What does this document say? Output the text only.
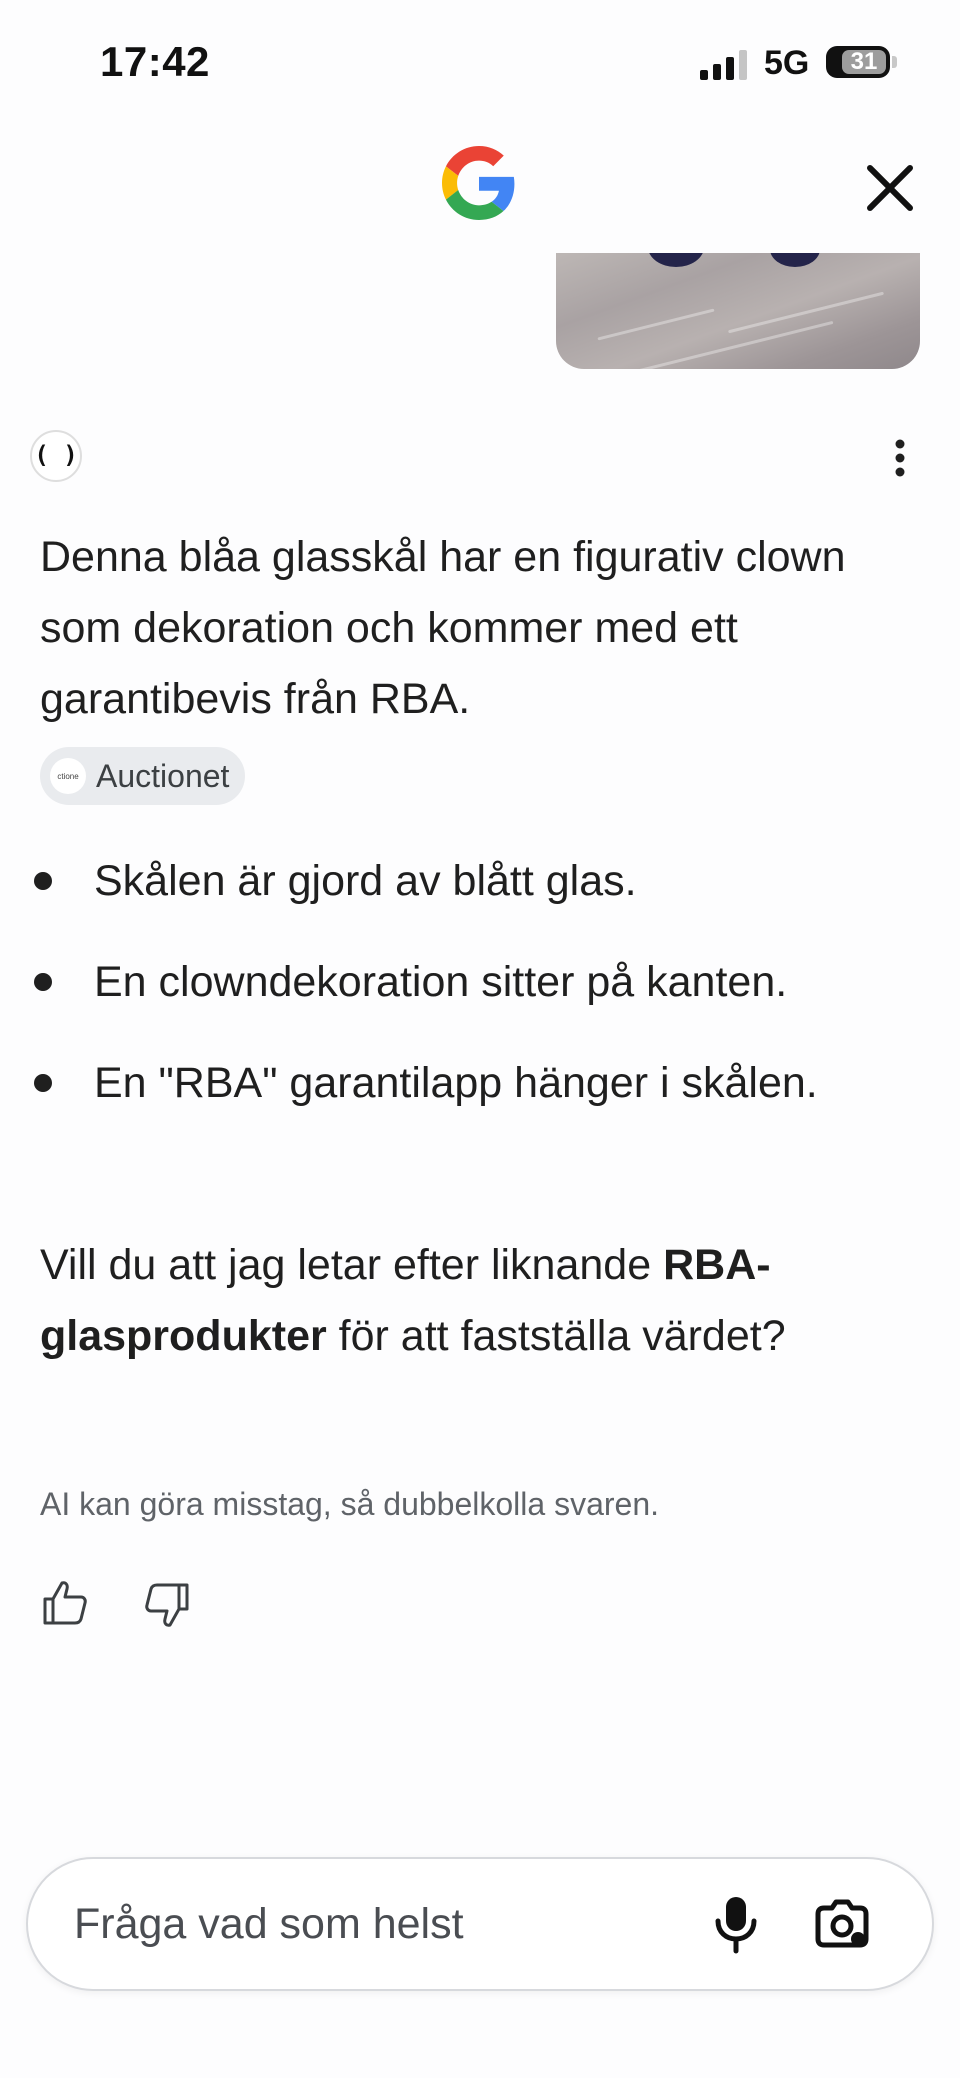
17:42	5G	31
( )

Denna blåa glasskål har en figurativ clown som dekoration och kommer med ett garantibevis från RBA.

ctione Auctionet
Skålen är gjord av blått glas.
En clowndekoration sitter på kanten.
En "RBA" garantilapp hänger i skålen.

Vill du att jag letar efter liknande RBA-glasprodukter för att fastställa värdet?

AI kan göra misstag, så dubbelkolla svaren.
Fråga vad som helst
